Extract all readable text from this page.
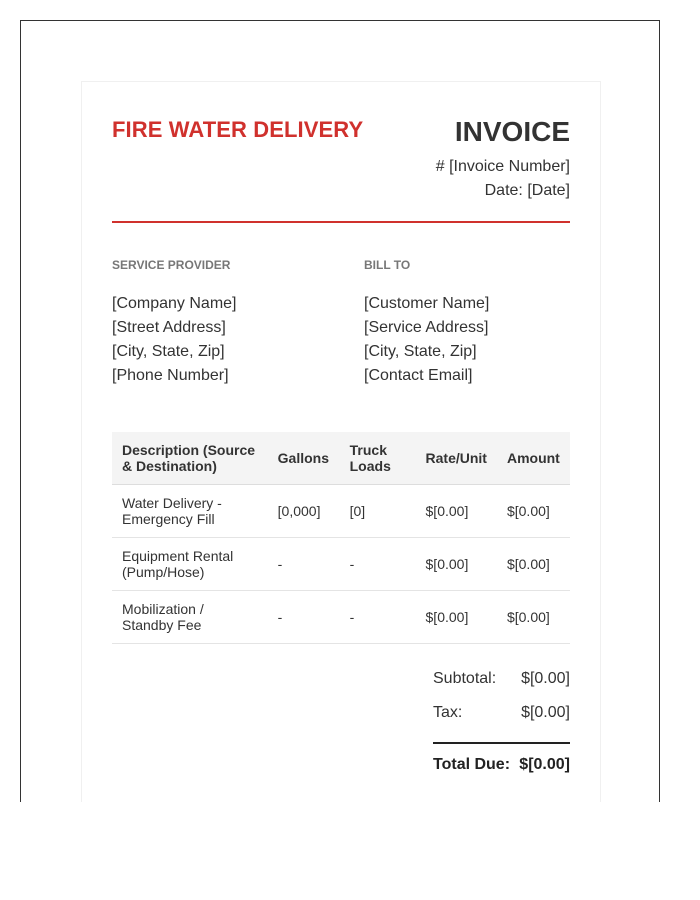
FIRE WATER DELIVERY	INVOICE
# [Invoice Number]
Date: [Date]
SERVICE PROVIDER
[Company Name]
[Street Address]
[City, State, Zip]
[Phone Number]
BILL TO
[Customer Name]
[Service Address]
[City, State, Zip]
[Contact Email]
Description (Source & Destination)	Gallons	Truck Loads	Rate/Unit	Amount
Water Delivery - Emergency Fill	[0,000]	[0]	$[0.00]	$[0.00]
Equipment Rental (Pump/Hose)	-	-	$[0.00]	$[0.00]
Mobilization / Standby Fee	-	-	$[0.00]	$[0.00]
Subtotal: $[0.00]
Tax:	$[0.00]
Total Due: $[0.00]
